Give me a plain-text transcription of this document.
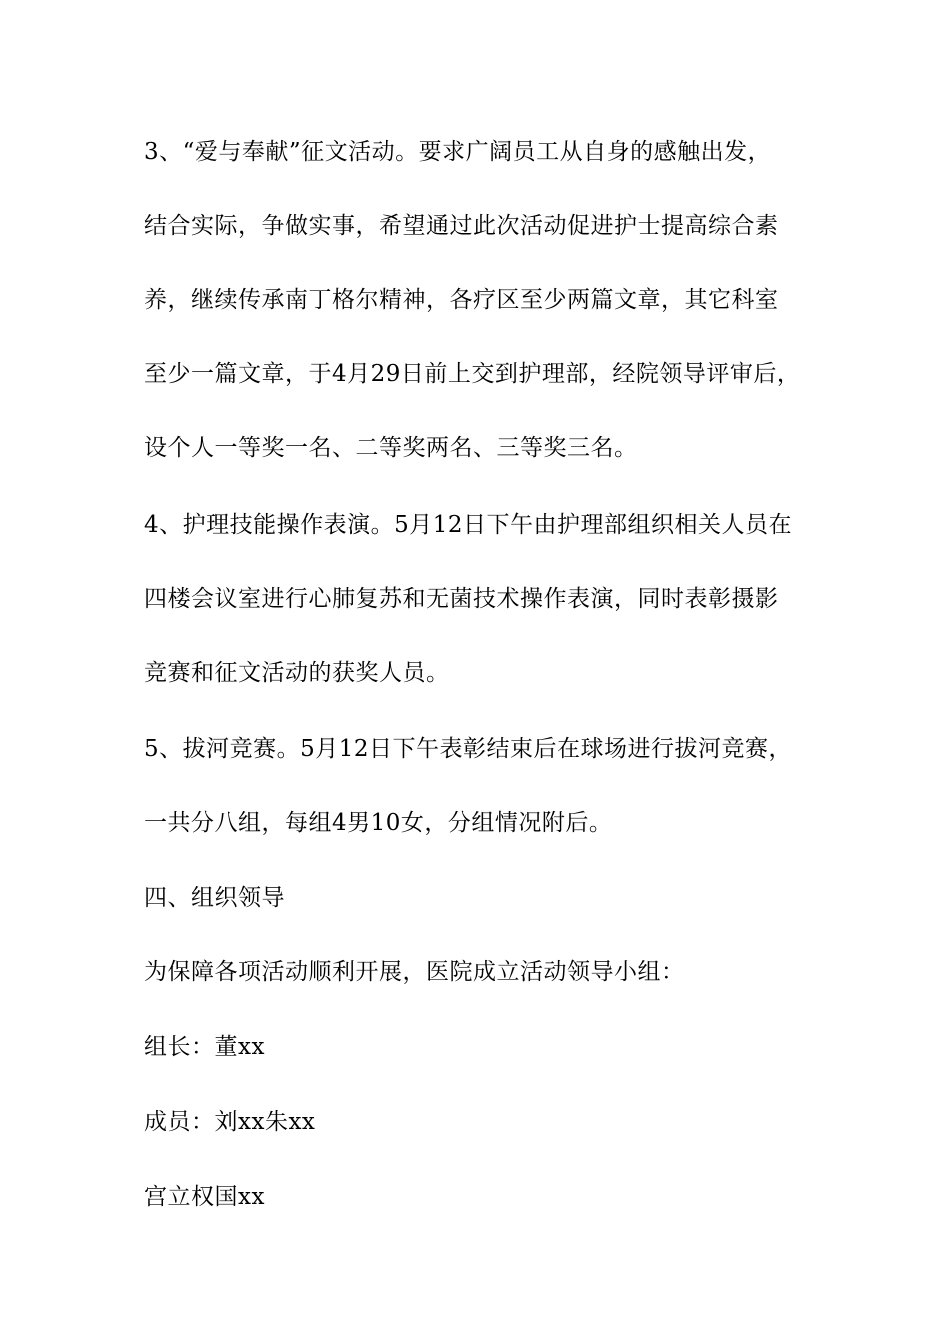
3、“爱与奉献”征文活动。要求广阔员工从自身的感触出发，
结合实际，争做实事，希望通过此次活动促进护士提高综合素
养，继续传承南丁格尔精神，各疗区至少两篇文章，其它科室
至少一篇文章，于4月29日前上交到护理部，经院领导评审后，
设个人一等奖一名、二等奖两名、三等奖三名。
4、护理技能操作表演。5月12日下午由护理部组织相关人员在
四楼会议室进行心肺复苏和无菌技术操作表演，同时表彰摄影
竞赛和征文活动的获奖人员。
5、拔河竞赛。5月12日下午表彰结束后在球场进行拔河竞赛，
一共分八组，每组4男10女，分组情况附后。
四、组织领导
为保障各项活动顺利开展，医院成立活动领导小组：
组长：董xx
成员：刘xx朱xx
宫立权国xx
